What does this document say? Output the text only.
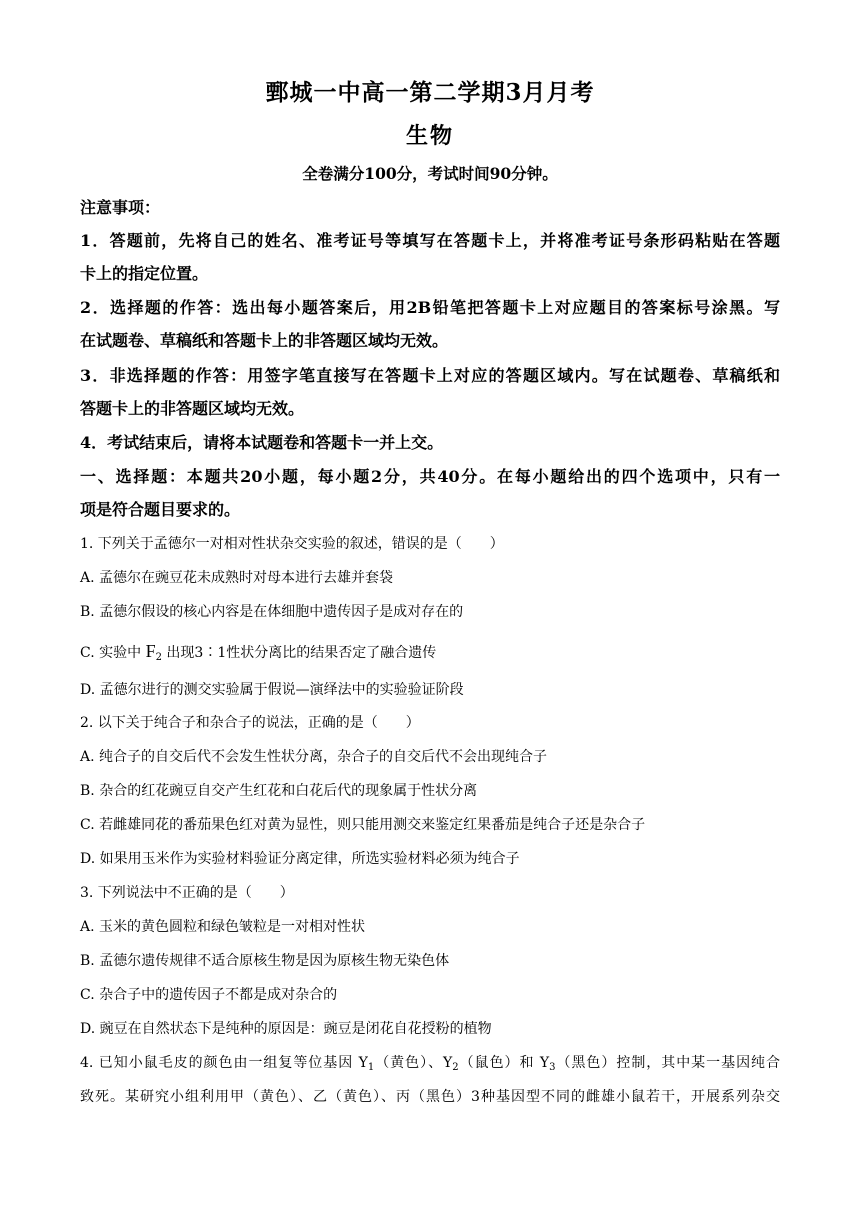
鄄城一中高一第二学期3月月考
生物
全卷满分100分，考试时间90分钟。
注意事项：
1．答题前，先将自己的姓名、准考证号等填写在答题卡上，并将准考证号条形码粘贴在答题
卡上的指定位置。
2．选择题的作答：选出每小题答案后，用2B铅笔把答题卡上对应题目的答案标号涂黑。写
在试题卷、草稿纸和答题卡上的非答题区域均无效。
3．非选择题的作答：用签字笔直接写在答题卡上对应的答题区域内。写在试题卷、草稿纸和
答题卡上的非答题区域均无效。
4．考试结束后，请将本试题卷和答题卡一并上交。
一、选择题：本题共20小题，每小题2分，共40分。在每小题给出的四个选项中，只有一
项是符合题目要求的。
1. 下列关于孟德尔一对相对性状杂交实验的叙述，错误的是（　　）
A. 孟德尔在豌豆花未成熟时对母本进行去雄并套袋
B. 孟德尔假设的核心内容是在体细胞中遗传因子是成对存在的
C. 实验中 $F_2$ 出现3∶1性状分离比的结果否定了融合遗传
D. 孟德尔进行的测交实验属于假说—演绎法中的实验验证阶段
2. 以下关于纯合子和杂合子的说法，正确的是（　　）
A. 纯合子的自交后代不会发生性状分离，杂合子的自交后代不会出现纯合子
B. 杂合的红花豌豆自交产生红花和白花后代的现象属于性状分离
C. 若雌雄同花的番茄果色红对黄为显性，则只能用测交来鉴定红果番茄是纯合子还是杂合子
D. 如果用玉米作为实验材料验证分离定律，所选实验材料必须为纯合子
3. 下列说法中不正确的是（　　）
A. 玉米的黄色圆粒和绿色皱粒是一对相对性状
B. 孟德尔遗传规律不适合原核生物是因为原核生物无染色体
C. 杂合子中的遗传因子不都是成对杂合的
D. 豌豆在自然状态下是纯种的原因是：豌豆是闭花自花授粉的植物
4. 已知小鼠毛皮的颜色由一组复等位基因 $Y_1$（黄色）、$Y_2$（鼠色）和 $Y_3$（黑色）控制，其中某一基因纯合
致死。某研究小组利用甲（黄色）、乙（黄色）、丙（黑色）3种基因型不同的雌雄小鼠若干，开展系列杂交
